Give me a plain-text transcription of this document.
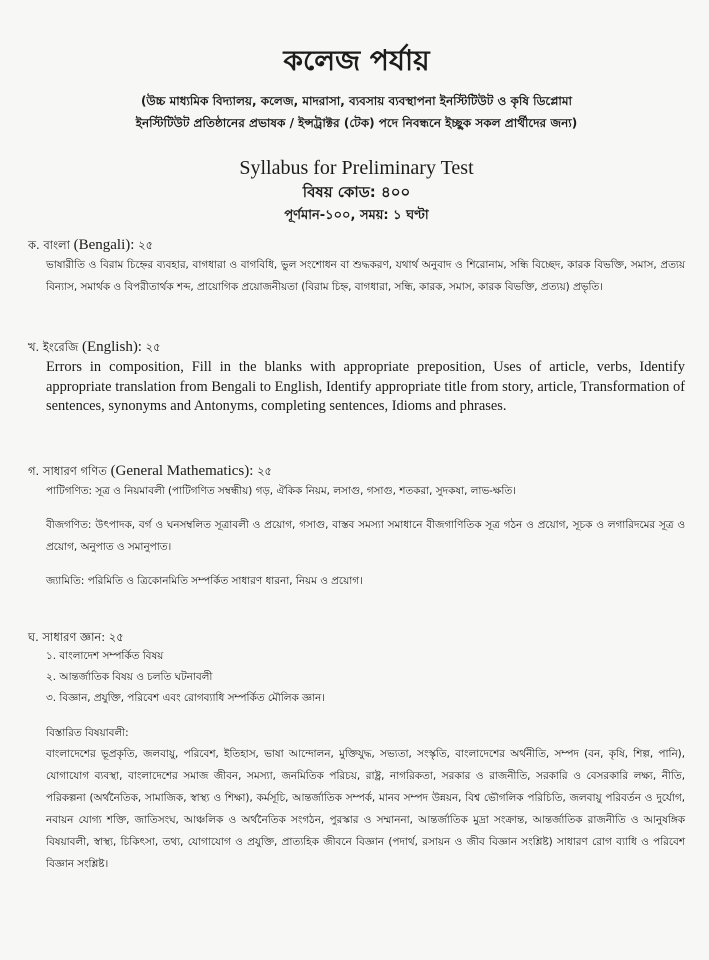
কলেজ পর্যায়

(উচ্চ মাধ্যমিক বিদ্যালয়, কলেজ, মাদরাসা, ব্যবসায় ব্যবস্থাপনা ইনস্টিটিউট ও কৃষি ডিপ্লোমা
ইনস্টিটিউট প্রতিষ্ঠানের প্রভাষক / ইন্সট্রাক্টর (টেক) পদে নিবন্ধনে ইচ্ছুক সকল প্রার্থীদের জন্য)

Syllabus for Preliminary Test

বিষয় কোড: ৪০০

পূর্ণমান-১০০, সময়: ১ ঘণ্টা

ক. বাংলা (Bengali): ২৫

ভাষারীতি ও বিরাম চিহ্নের ব্যবহার, বাগধারা ও বাগবিধি, ভুল সংশোধন বা শুদ্ধকরণ, যথার্থ অনুবাদ ও শিরোনাম, সন্ধি বিচ্ছেদ, কারক বিভক্তি, সমাস, প্রত্যয় বিন্যাস, সমার্থক ও বিপরীতার্থক শব্দ, প্রায়োগিক প্রয়োজনীয়তা (বিরাম চিহ্ন, বাগধারা, সন্ধি, কারক, সমাস, কারক বিভক্তি, প্রত্যয়) প্রভৃতি।

খ. ইংরেজি (English): ২৫

Errors in composition, Fill in the blanks with appropriate preposition, Uses of article, verbs, Identify appropriate translation from Bengali to English, Identify appropriate title from story, article, Transformation of sentences, synonyms and Antonyms, completing sentences, Idioms and phrases.

গ. সাধারণ গণিত (General Mathematics): ২৫

পাটিগণিত: সূত্র ও নিয়মাবলী (পাটিগণিত সম্বন্ধীয়) গড়, ঐকিক নিয়ম, লসাগু, গসাগু, শতকরা, সুদকষা, লাভ-ক্ষতি।

বীজগণিত: উৎপাদক, বর্গ ও ঘনসম্বলিত সূত্রাবলী ও প্রয়োগ, গসাগু, বাস্তব সমস্যা সমাধানে বীজগাণিতিক সূত্র গঠন ও প্রয়োগ, সূচক ও লগারিদমের সূত্র ও প্রয়োগ, অনুপাত ও সমানুপাত।

জ্যামিতি: পরিমিতি ও ত্রিকোনমিতি সম্পর্কিত সাধারণ ধারনা, নিয়ম ও প্রয়োগ।

ঘ. সাধারণ জ্ঞান: ২৫

১. বাংলাদেশ সম্পর্কিত বিষয়
২. আন্তর্জাতিক বিষয় ও চলতি ঘটনাবলী
৩. বিজ্ঞান, প্রযুক্তি, পরিবেশ এবং রোগব্যাধি সম্পর্কিত মৌলিক জ্ঞান।

বিস্তারিত বিষয়াবলী:

বাংলাদেশের ভূপ্রকৃতি, জলবায়ু, পরিবেশ, ইতিহাস, ভাষা আন্দোলন, মুক্তিযুদ্ধ, সভ্যতা, সংস্কৃতি, বাংলাদেশের অর্থনীতি, সম্পদ (বন, কৃষি, শিল্প, পানি), যোগাযোগ ব্যবস্থা, বাংলাদেশের সমাজ জীবন, সমস্যা, জনমিতিক পরিচয়, রাষ্ট্র, নাগরিকতা, সরকার ও রাজনীতি, সরকারি ও বেসরকারি লক্ষ্য, নীতি, পরিকল্পনা (অর্থনৈতিক, সামাজিক, স্বাস্থ্য ও শিক্ষা), কর্মসূচি, আন্তর্জাতিক সম্পর্ক, মানব সম্পদ উন্নয়ন, বিশ্ব ভৌগলিক পরিচিতি, জলবায়ু পরিবর্তন ও দুর্যোগ, নবায়ন যোগ্য শক্তি, জাতিসংঘ, আঞ্চলিক ও অর্থনৈতিক সংগঠন, পুরস্কার ও সম্মাননা, আন্তর্জাতিক মুদ্রা সংক্রান্ত, আন্তর্জাতিক রাজনীতি ও আনুষঙ্গিক বিষয়াবলী, স্বাস্থ্য, চিকিৎসা, তথ্য, যোগাযোগ ও প্রযুক্তি, প্রাত্যহিক জীবনে বিজ্ঞান (পদার্থ, রসায়ন ও জীব বিজ্ঞান সংশ্লিষ্ট) সাধারণ রোগ ব্যাধি ও পরিবেশ বিজ্ঞান সংশ্লিষ্ট।
